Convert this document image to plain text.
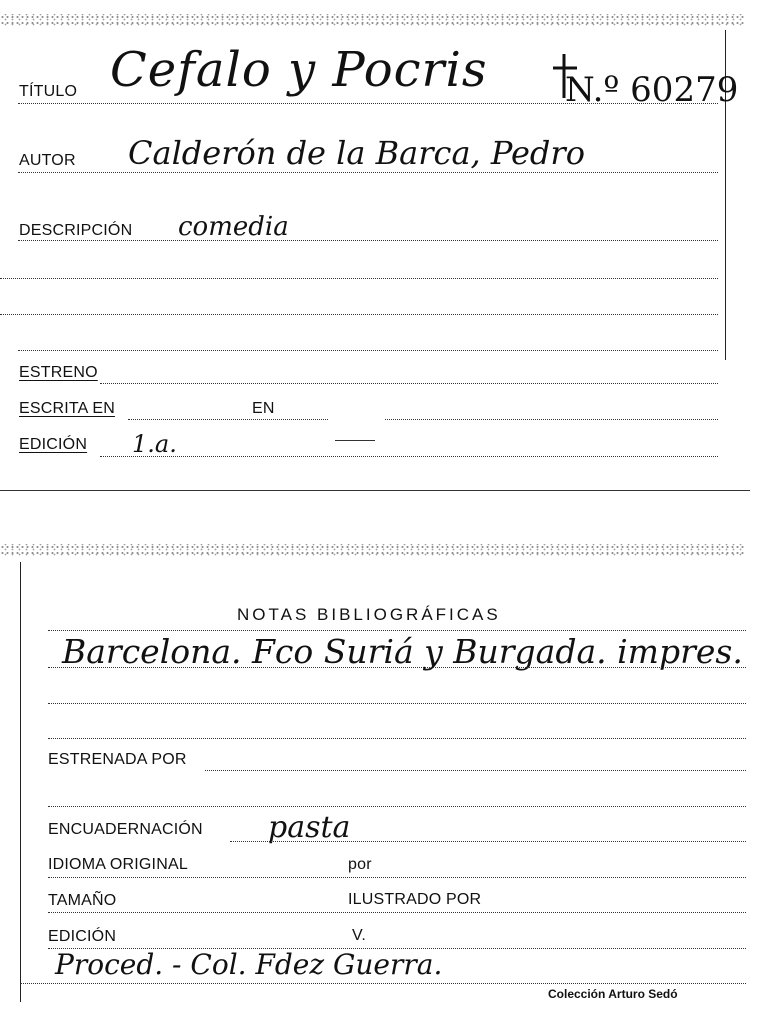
TÍTULO Cefalo y Pocris N.º 60279
AUTOR Calderón de la Barca, Pedro
DESCRIPCIÓN comedia
ESTRENO
ESCRITA EN	EN
EDICIÓN 1.a.
NOTAS BIBLIOGRÁFICAS
Barcelona. Fco Suriá y Burgada. impres.
ESTRENADA POR
ENCUADERNACIÓN pasta
IDIOMA ORIGINAL	por
TAMAÑO	ILUSTRADO POR
EDICIÓN	V.
Proced. - Col. Fdez Guerra.
Colección Arturo Sedó
